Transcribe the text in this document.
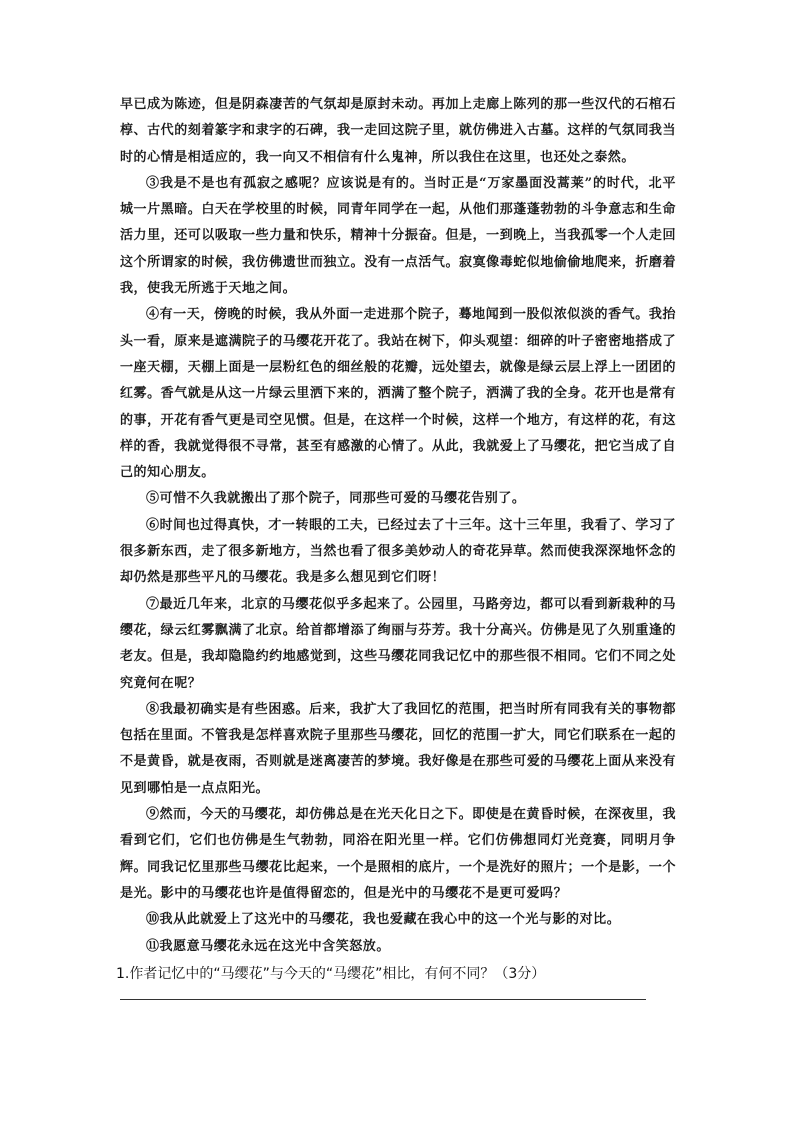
早已成为陈迹，但是阴森凄苦的气氛却是原封未动。再加上走廊上陈列的那一些汉代的石棺石椁、古代的刻着篆字和隶字的石碑，我一走回这院子里，就仿佛进入古墓。这样的气氛同我当时的心情是相适应的，我一向又不相信有什么鬼神，所以我住在这里，也还处之泰然。

③我是不是也有孤寂之感呢？应该说是有的。当时正是“万家墨面没蒿莱”的时代，北平城一片黑暗。白天在学校里的时候，同青年同学在一起，从他们那蓬蓬勃勃的斗争意志和生命活力里，还可以吸取一些力量和快乐，精神十分振奋。但是，一到晚上，当我孤零一个人走回这个所谓家的时候，我仿佛遗世而独立。没有一点活气。寂寞像毒蛇似地偷偷地爬来，折磨着我，使我无所逃于天地之间。

④有一天，傍晚的时候，我从外面一走进那个院子，蓦地闻到一股似浓似淡的香气。我抬头一看，原来是遮满院子的马缨花开花了。我站在树下，仰头观望：细碎的叶子密密地搭成了一座天棚，天棚上面是一层粉红色的细丝般的花瓣，远处望去，就像是绿云层上浮上一团团的红雾。香气就是从这一片绿云里洒下来的，洒满了整个院子，洒满了我的全身。花开也是常有的事，开花有香气更是司空见惯。但是，在这样一个时候，这样一个地方，有这样的花，有这样的香，我就觉得很不寻常，甚至有感激的心情了。从此，我就爱上了马缨花，把它当成了自己的知心朋友。

⑤可惜不久我就搬出了那个院子，同那些可爱的马缨花告别了。

⑥时间也过得真快，才一转眼的工夫，已经过去了十三年。这十三年里，我看了、学习了很多新东西，走了很多新地方，当然也看了很多美妙动人的奇花异草。然而使我深深地怀念的却仍然是那些平凡的马缨花。我是多么想见到它们呀！

⑦最近几年来，北京的马缨花似乎多起来了。公园里，马路旁边，都可以看到新栽种的马缨花，绿云红雾飘满了北京。给首都增添了绚丽与芬芳。我十分高兴。仿佛是见了久别重逢的老友。但是，我却隐隐约约地感觉到，这些马缨花同我记忆中的那些很不相同。它们不同之处究竟何在呢？

⑧我最初确实是有些困惑。后来，我扩大了我回忆的范围，把当时所有同我有关的事物都包括在里面。不管我是怎样喜欢院子里那些马缨花，回忆的范围一扩大，同它们联系在一起的不是黄昏，就是夜雨，否则就是迷离凄苦的梦境。我好像是在那些可爱的马缨花上面从来没有见到哪怕是一点点阳光。

⑨然而，今天的马缨花，却仿佛总是在光天化日之下。即使是在黄昏时候，在深夜里，我看到它们，它们也仿佛是生气勃勃，同浴在阳光里一样。它们仿佛想同灯光竞赛，同明月争辉。同我记忆里那些马缨花比起来，一个是照相的底片，一个是洗好的照片；一个是影，一个是光。影中的马缨花也许是值得留恋的，但是光中的马缨花不是更可爱吗？

⑩我从此就爱上了这光中的马缨花，我也爱藏在我心中的这一个光与影的对比。

⑪我愿意马缨花永远在这光中含笑怒放。

1.作者记忆中的“马缨花”与今天的“马缨花”相比，有何不同？（3分）
